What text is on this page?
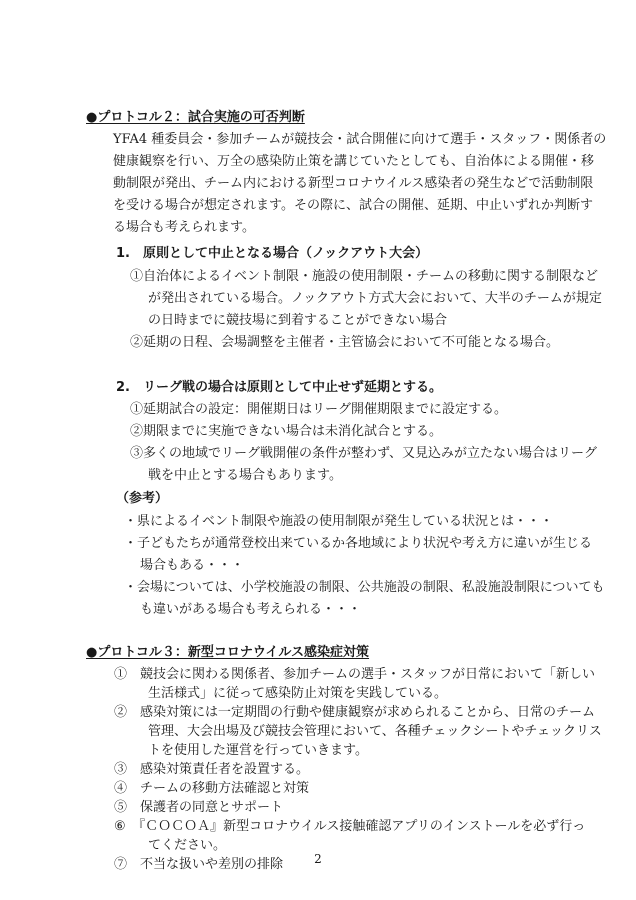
●プロトコル２：試合実施の可否判断
YFA4 種委員会・参加チームが競技会・試合開催に向けて選手・スタッフ・関係者の
健康観察を行い、万全の感染防止策を講じていたとしても、自治体による開催・移
動制限が発出、チーム内における新型コロナウイルス感染者の発生などで活動制限
を受ける場合が想定されます。その際に、試合の開催、延期、中止いずれか判断す
る場合も考えられます。
1.　原則として中止となる場合（ノックアウト大会）
①自治体によるイベント制限・施設の使用制限・チームの移動に関する制限など
が発出されている場合。ノックアウト方式大会において、大半のチームが規定
の日時までに競技場に到着することができない場合
②延期の日程、会場調整を主催者・主管協会において不可能となる場合。
2.　リーグ戦の場合は原則として中止せず延期とする。
①延期試合の設定：開催期日はリーグ開催期限までに設定する。
②期限までに実施できない場合は未消化試合とする。
③多くの地域でリーグ戦開催の条件が整わず、又見込みが立たない場合はリーグ
戦を中止とする場合もあります。
（参考）
・県によるイベント制限や施設の使用制限が発生している状況とは・・・
・子どもたちが通常登校出来ているか各地域により状況や考え方に違いが生じる
場合もある・・・
・会場については、小学校施設の制限、公共施設の制限、私設施設制限についても
も違いがある場合も考えられる・・・
●プロトコル３：新型コロナウイルス感染症対策
①　競技会に関わる関係者、参加チームの選手・スタッフが日常において「新しい
生活様式」に従って感染防止対策を実践している。
②　感染対策には一定期間の行動や健康観察が求められることから、日常のチーム
管理、大会出場及び競技会管理において、各種チェックシートやチェックリス
トを使用した運営を行っていきます。
③　感染対策責任者を設置する。
④　チームの移動方法確認と対策
⑤　保護者の同意とサポート
⑥　『ＣＯＣＯＡ』新型コロナウイルス接触確認アプリのインストールを必ず行っ
てください。
⑦　不当な扱いや差別の排除	2
